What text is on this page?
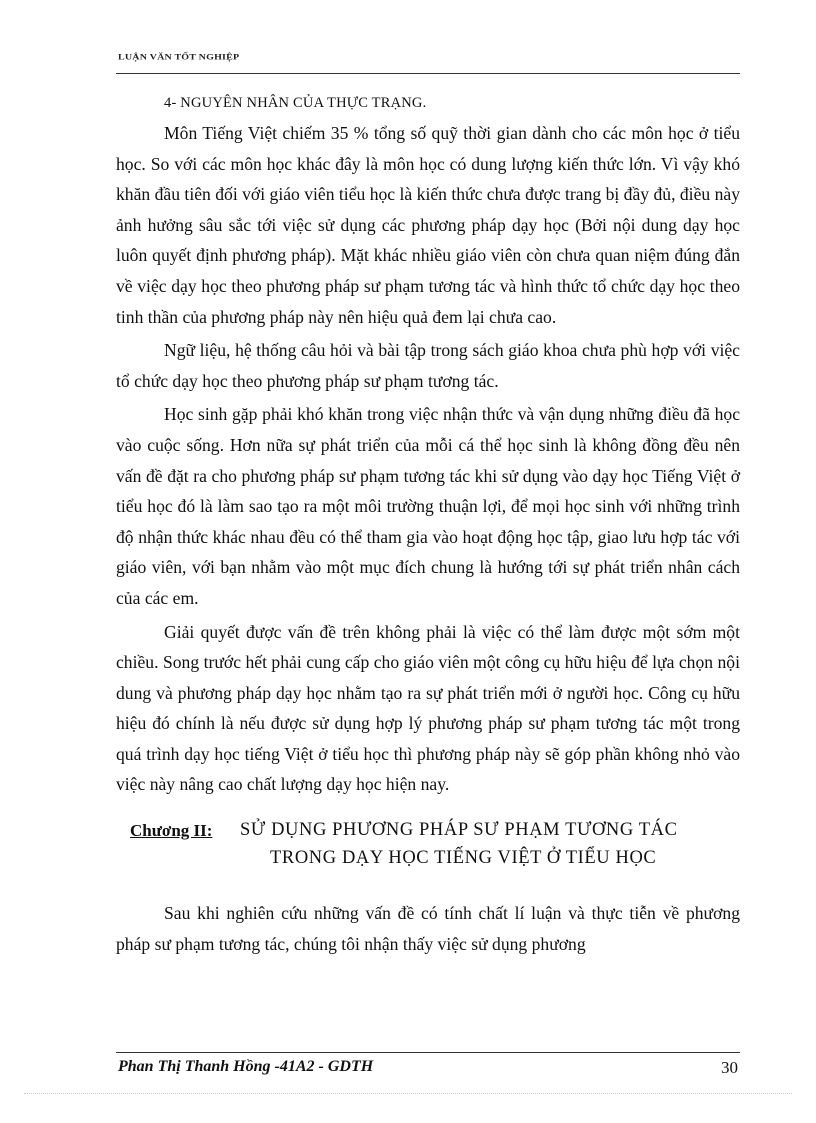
LUẬN VĂN TỐT NGHIỆP

4- NGUYÊN NHÂN CỦA THỰC TRẠNG.

Môn Tiếng Việt chiếm 35 % tổng số quỹ thời gian dành cho các môn học ở tiểu học. So với các môn học khác đây là môn học có dung lượng kiến thức lớn. Vì vậy khó khăn đầu tiên đối với giáo viên tiểu học là kiến thức chưa được trang bị đầy đủ, điều này ảnh hưởng sâu sắc tới việc sử dụng các phương pháp dạy học (Bởi nội dung dạy học luôn quyết định phương pháp). Mặt khác nhiều giáo viên còn chưa quan niệm đúng đắn về việc dạy học theo phương pháp sư phạm tương tác và hình thức tổ chức dạy học theo tinh thần của phương pháp này nên hiệu quả đem lại chưa cao.

Ngữ liệu, hệ thống câu hỏi và bài tập trong sách giáo khoa chưa phù hợp với việc tổ chức dạy học theo phương pháp sư phạm tương tác.

Học sinh gặp phải khó khăn trong việc nhận thức và vận dụng những điều đã học vào cuộc sống. Hơn nữa sự phát triển của mỗi cá thể học sinh là không đồng đều nên vấn đề đặt ra cho phương pháp sư phạm tương tác khi sử dụng vào dạy học Tiếng Việt ở tiểu học đó là làm sao tạo ra một môi trường thuận lợi, để mọi học sinh với những trình độ nhận thức khác nhau đều có thể tham gia vào hoạt động học tập, giao lưu hợp tác với giáo viên, với bạn nhằm vào một mục đích chung là hướng tới sự phát triển nhân cách của các em.

Giải quyết được vấn đề trên không phải là việc có thể làm được một sớm một chiều. Song trước hết phải cung cấp cho giáo viên một công cụ hữu hiệu để lựa chọn nội dung và phương pháp dạy học nhằm tạo ra sự phát triển mới ở người học. Công cụ hữu hiệu đó chính là nếu được sử dụng hợp lý phương pháp sư phạm tương tác một trong quá trình dạy học tiếng Việt ở tiểu học thì phương pháp này sẽ góp phần không nhỏ vào việc này nâng cao chất lượng dạy học hiện nay.

Chương II: SỬ DỤNG PHƯƠNG PHÁP SƯ PHẠM TƯƠNG TÁC
TRONG DẠY HỌC TIẾNG VIỆT Ở TIỂU HỌC

Sau khi nghiên cứu những vấn đề có tính chất lí luận và thực tiễn về phương pháp sư phạm tương tác, chúng tôi nhận thấy việc sử dụng phương

Phan Thị Thanh Hồng -41A2 - GDTH	30
